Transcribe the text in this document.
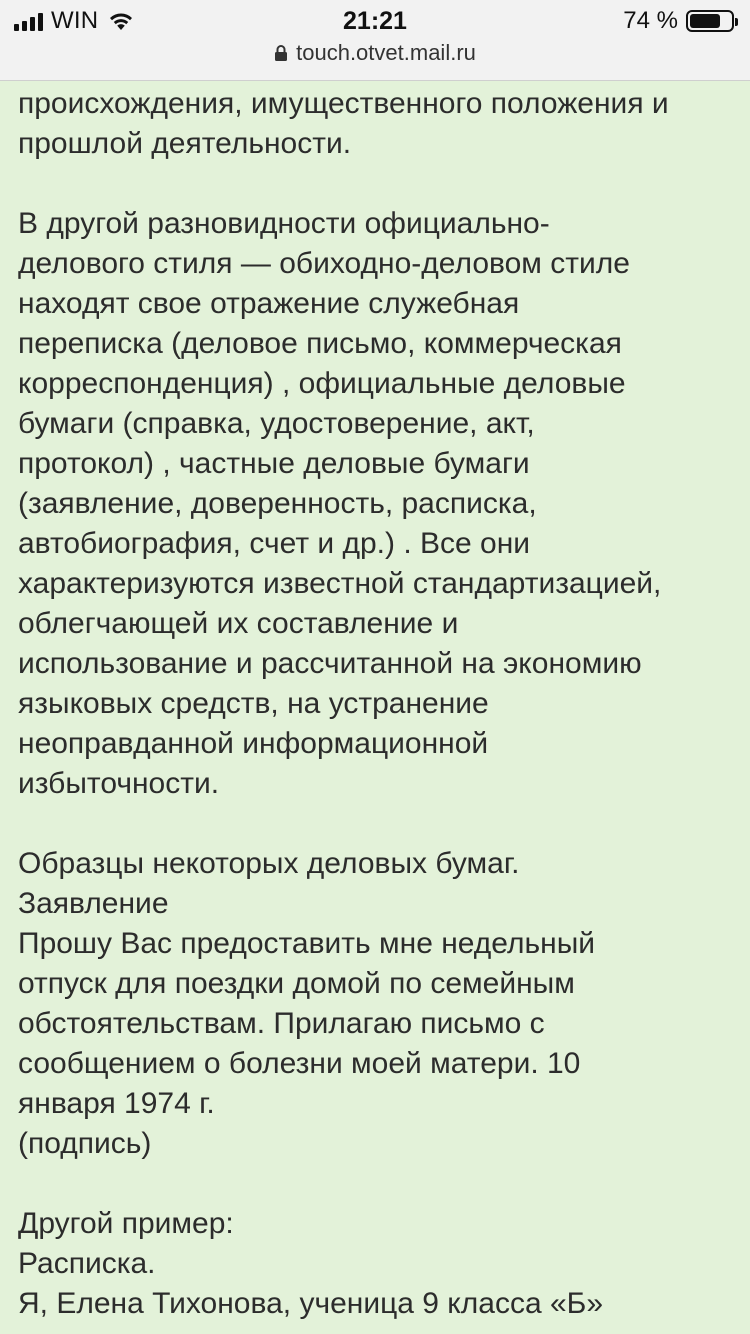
WIN	21:21	74 %
touch.otvet.mail.ru

происхождения, имущественного положения и
прошлой деятельности.

В другой разновидности официально-
делового стиля — обиходно-деловом стиле
находят свое отражение служебная
переписка (деловое письмо, коммерческая
корреспонденция) , официальные деловые
бумаги (справка, удостоверение, акт,
протокол) , частные деловые бумаги
(заявление, доверенность, расписка,
автобиография, счет и др.) . Все они
характеризуются известной стандартизацией,
облегчающей их составление и
использование и рассчитанной на экономию
языковых средств, на устранение
неоправданной информационной
избыточности.

Образцы некоторых деловых бумаг.
Заявление
Прошу Вас предоставить мне недельный
отпуск для поездки домой по семейным
обстоятельствам. Прилагаю письмо с
сообщением о болезни моей матери. 10
января 1974 г.
(подпись)

Другой пример:
Расписка.
Я, Елена Тихонова, ученица 9 класса «Б»
